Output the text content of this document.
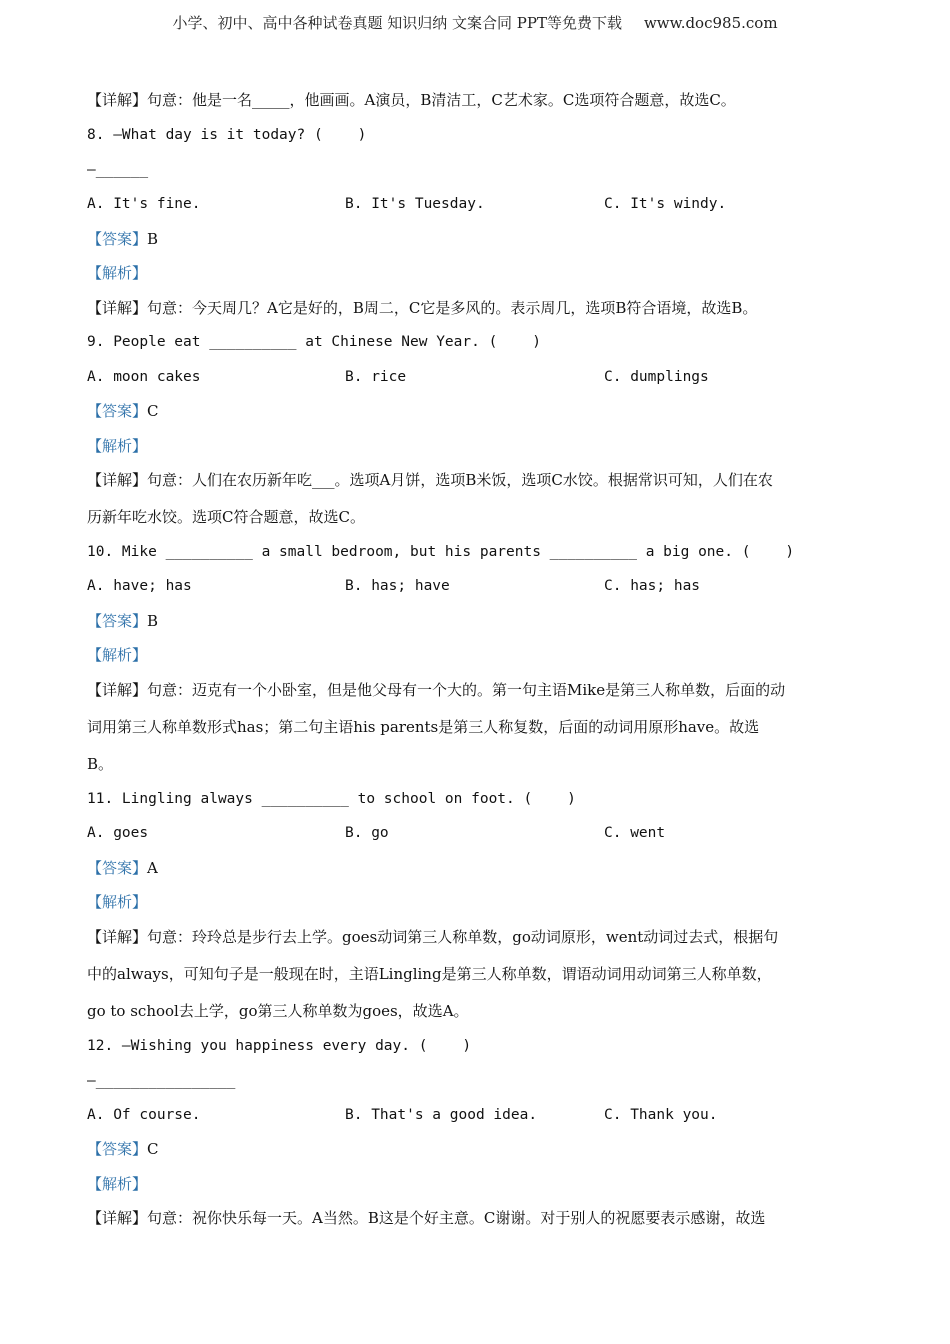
小学、初中、高中各种试卷真题 知识归纳 文案合同 PPT等免费下载 www.doc985.com
【详解】句意：他是一名_____，他画画。A演员，B清洁工，C艺术家。C选项符合题意，故选C。
8. —What day is it today? (    )
—______
A. It's fine.	B. It's Tuesday.	C. It's windy.
【答案】B
【解析】
【详解】句意：今天周几？A它是好的，B周二，C它是多风的。表示周几，选项B符合语境，故选B。
9. People eat __________ at Chinese New Year. (    )
A. moon cakes	B. rice	C. dumplings
【答案】C
【解析】
【详解】句意：人们在农历新年吃___。选项A月饼，选项B米饭，选项C水饺。根据常识可知，人们在农
历新年吃水饺。选项C符合题意，故选C。
10. Mike __________ a small bedroom, but his parents __________ a big one. (    )
A. have; has	B. has; have	C. has; has
【答案】B
【解析】
【详解】句意：迈克有一个小卧室，但是他父母有一个大的。第一句主语Mike是第三人称单数，后面的动
词用第三人称单数形式has；第二句主语his parents是第三人称复数，后面的动词用原形have。故选
B。
11. Lingling always __________ to school on foot. (    )
A. goes	B. go	C. went
【答案】A
【解析】
【详解】句意：玲玲总是步行去上学。goes动词第三人称单数，go动词原形，went动词过去式，根据句
中的always，可知句子是一般现在时，主语Lingling是第三人称单数，谓语动词用动词第三人称单数，
go to school去上学，go第三人称单数为goes，故选A。
12. —Wishing you happiness every day. (    )
—________________
A. Of course.	B. That's a good idea.	C. Thank you.
【答案】C
【解析】
【详解】句意：祝你快乐每一天。A当然。B这是个好主意。C谢谢。对于别人的祝愿要表示感谢，故选
